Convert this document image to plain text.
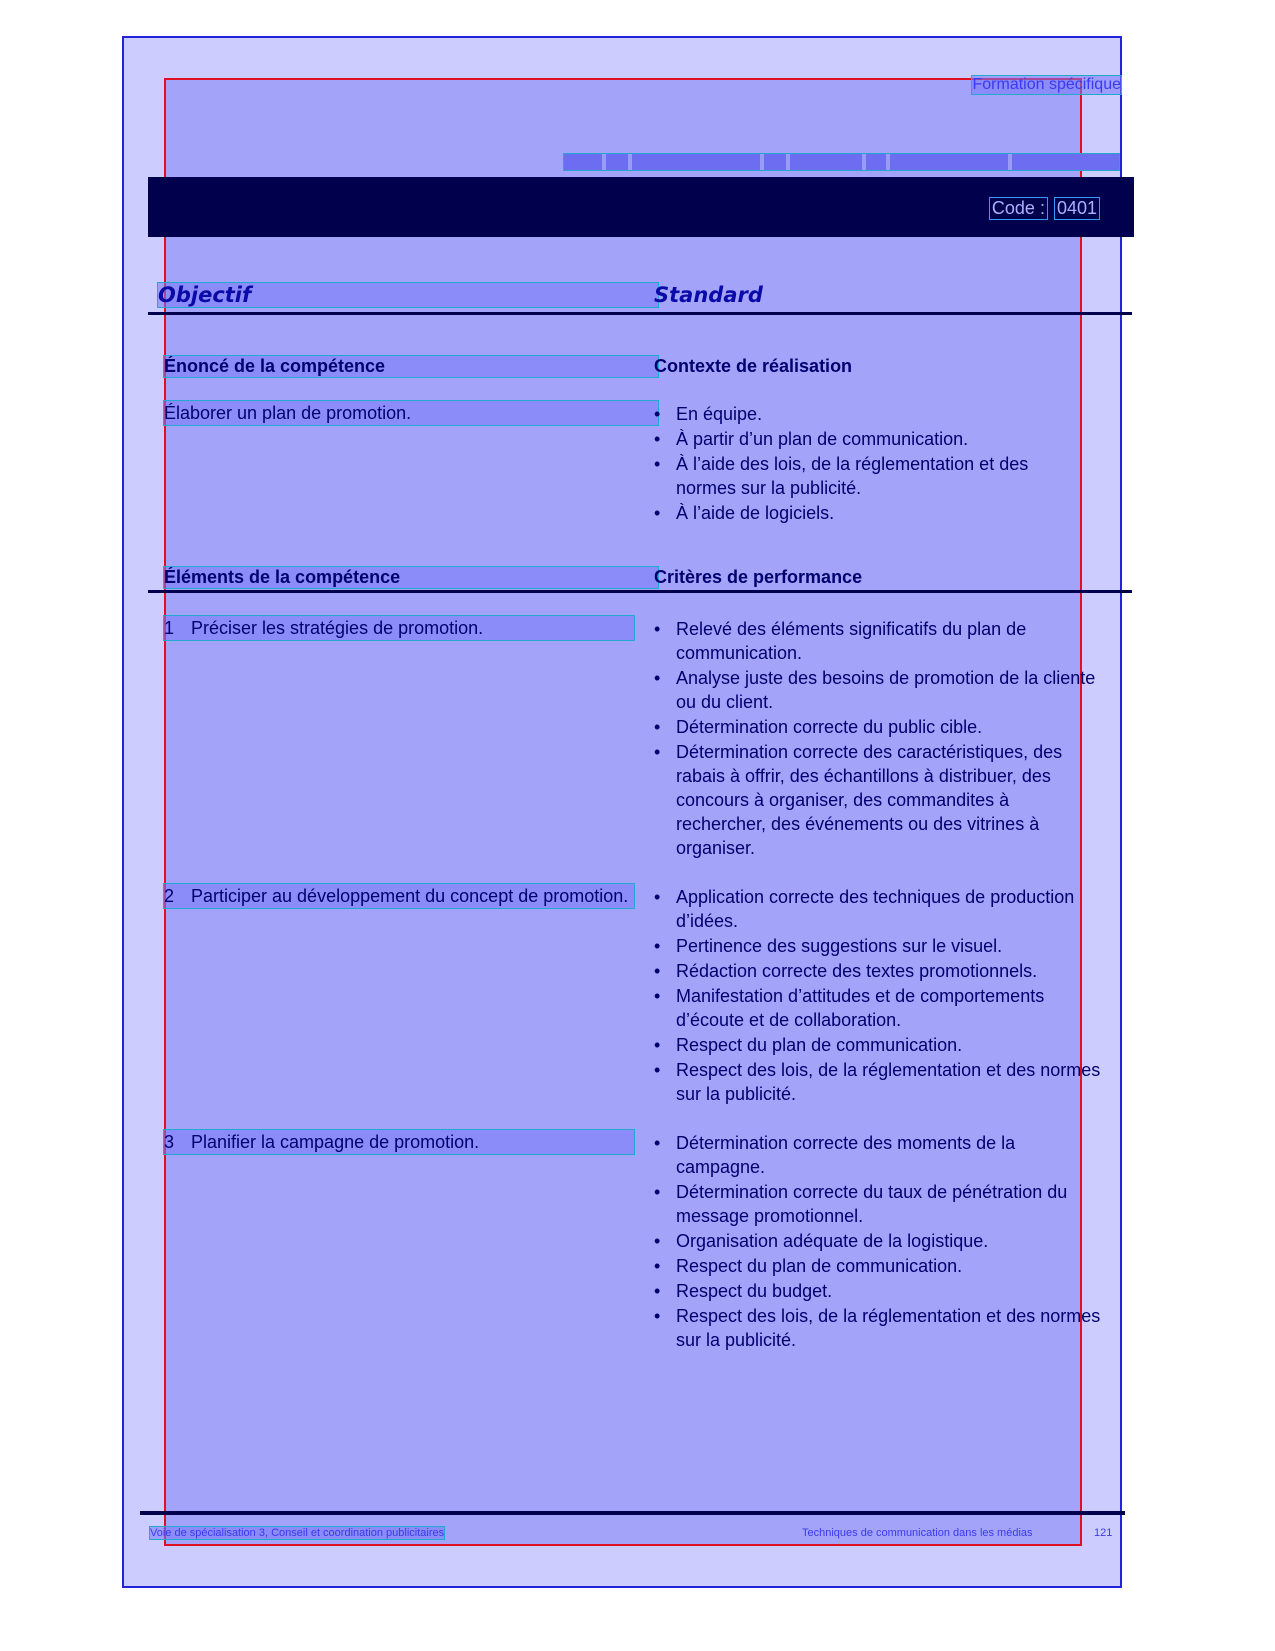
Formation spécifique
Code : 0401
Objectif	Standard
Énoncé de la compétence	Contexte de réalisation
Élaborer un plan de promotion.	• En équipe.
• À partir d’un plan de communication.
• À l’aide des lois, de la réglementation et des normes sur la publicité.
• À l’aide de logiciels.
Éléments de la compétence	Critères de performance
1 Préciser les stratégies de promotion.	• Relevé des éléments significatifs du plan de communication.
• Analyse juste des besoins de promotion de la cliente ou du client.
• Détermination correcte du public cible.
• Détermination correcte des caractéristiques, des rabais à offrir, des échantillons à distribuer, des concours à organiser, des commandites à rechercher, des événements ou des vitrines à organiser.
2 Participer au développement du concept de promotion.	• Application correcte des techniques de production d’idées.
• Pertinence des suggestions sur le visuel.
• Rédaction correcte des textes promotionnels.
• Manifestation d’attitudes et de comportements d’écoute et de collaboration.
• Respect du plan de communication.
• Respect des lois, de la réglementation et des normes sur la publicité.
3 Planifier la campagne de promotion.	• Détermination correcte des moments de la campagne.
• Détermination correcte du taux de pénétration du message promotionnel.
• Organisation adéquate de la logistique.
• Respect du plan de communication.
• Respect du budget.
• Respect des lois, de la réglementation et des normes sur la publicité.
Voie de spécialisation 3, Conseil et coordination publicitaires	Techniques de communication dans les médias	121
